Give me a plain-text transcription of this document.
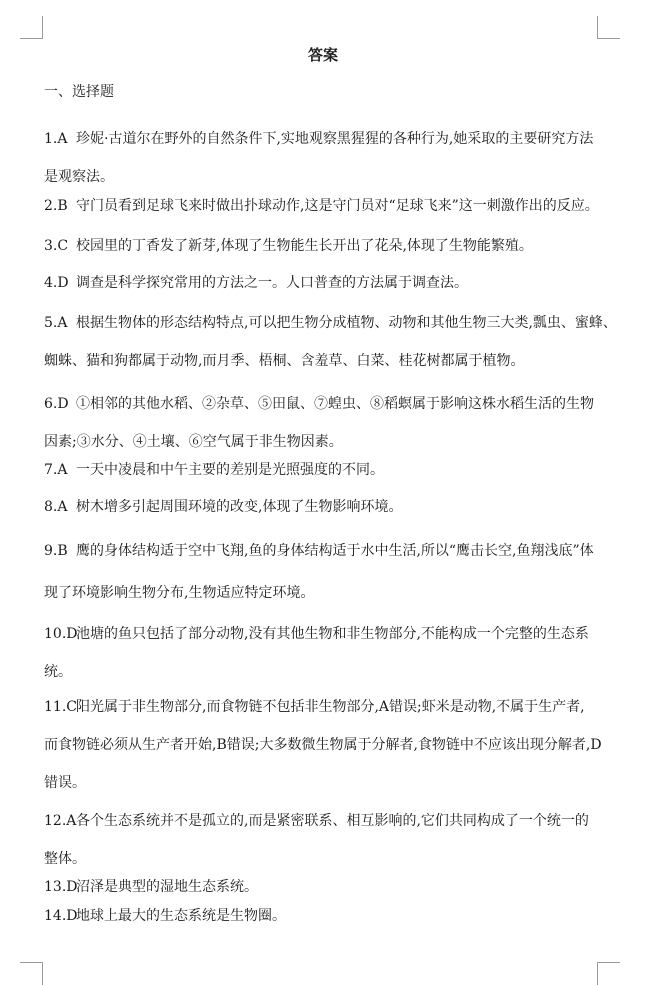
答案
一、选择题
1.A 珍妮·古道尔在野外的自然条件下,实地观察黑猩猩的各种行为,她采取的主要研究方法
是观察法。
2.B 守门员看到足球飞来时做出扑球动作,这是守门员对“足球飞来”这一刺激作出的反应。
3.C 校园里的丁香发了新芽,体现了生物能生长开出了花朵,体现了生物能繁殖。
4.D 调查是科学探究常用的方法之一。人口普查的方法属于调查法。
5.A 根据生物体的形态结构特点,可以把生物分成植物、动物和其他生物三大类,瓢虫、蜜蜂、
蜘蛛、猫和狗都属于动物,而月季、梧桐、含羞草、白菜、桂花树都属于植物。
6.D ①相邻的其他水稻、②杂草、⑤田鼠、⑦蝗虫、⑧稻螟属于影响这株水稻生活的生物
因素;③水分、④土壤、⑥空气属于非生物因素。
7.A 一天中凌晨和中午主要的差别是光照强度的不同。
8.A 树木增多引起周围环境的改变,体现了生物影响环境。
9.B 鹰的身体结构适于空中飞翔,鱼的身体结构适于水中生活,所以“鹰击长空,鱼翔浅底”体
现了环境影响生物分布,生物适应特定环境。
10.D池塘的鱼只包括了部分动物,没有其他生物和非生物部分,不能构成一个完整的生态系
统。
11.C阳光属于非生物部分,而食物链不包括非生物部分,A错误;虾米是动物,不属于生产者,
而食物链必须从生产者开始,B错误;大多数微生物属于分解者,食物链中不应该出现分解者,D
错误。
12.A各个生态系统并不是孤立的,而是紧密联系、相互影响的,它们共同构成了一个统一的
整体。
13.D沼泽是典型的湿地生态系统。
14.D地球上最大的生态系统是生物圈。
